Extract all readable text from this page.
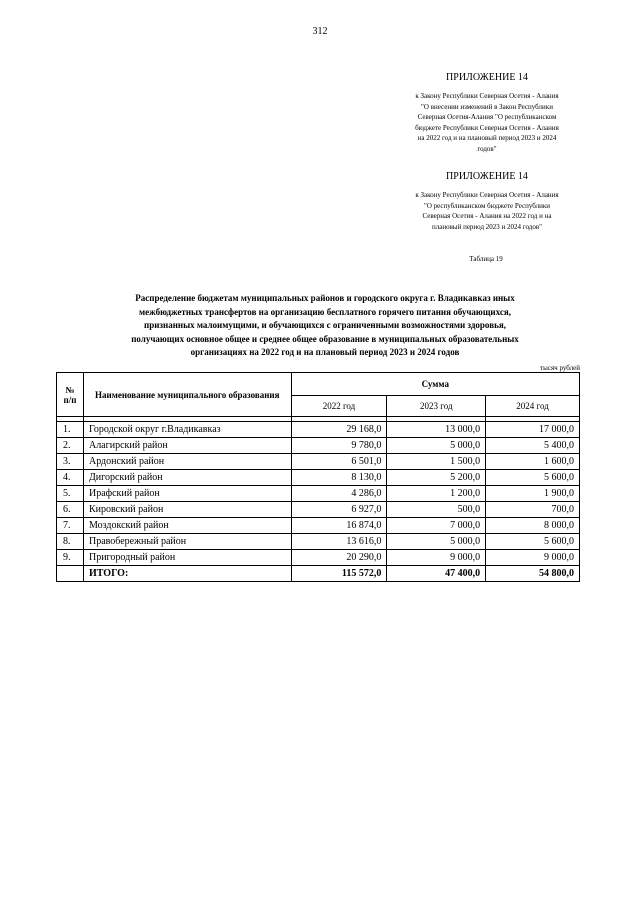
312
ПРИЛОЖЕНИЕ 14
к Закону Республики Северная Осетия - Алания
"О внесении изменений в Закон Республики
Северная Осетия-Алания "О республиканском
бюджете Республики Северная Осетия - Алания
на 2022 год и на плановый период 2023 и 2024
годов"
ПРИЛОЖЕНИЕ 14
к Закону Республики Северная Осетия - Алания
"О республиканском бюджете Республики
Северная Осетия - Алания на 2022 год и на
плановый период 2023 и 2024 годов"
Таблица 19
Распределение бюджетам муниципальных районов и городского округа г. Владикавказ иных
межбюджетных трансфертов на организацию бесплатного горячего питания обучающихся,
признанных малоимущими, и обучающихся с ограниченными возможностями здоровья,
получающих основное общее и среднее общее образование в муниципальных образовательных
организациях на 2022 год и на плановый период 2023 и 2024 годов
тысяч рублей
№ п/п	Наименование муниципального образования	Сумма		
		2022 год	2023 год	2024 год

1.	Городской округ г.Владикавказ	29 168,0	13 000,0	17 000,0
2.	Алагирский район	9 780,0	5 000,0	5 400,0
3.	Ардонский район	6 501,0	1 500,0	1 600,0
4.	Дигорский район	8 130,0	5 200,0	5 600,0
5.	Ирафский район	4 286,0	1 200,0	1 900,0
6.	Кировский район	6 927,0	500,0	700,0
7.	Моздокский район	16 874,0	7 000,0	8 000,0
8.	Правобережный район	13 616,0	5 000,0	5 600,0
9.	Пригородный район	20 290,0	9 000,0	9 000,0
	ИТОГО:	115 572,0	47 400,0	54 800,0
